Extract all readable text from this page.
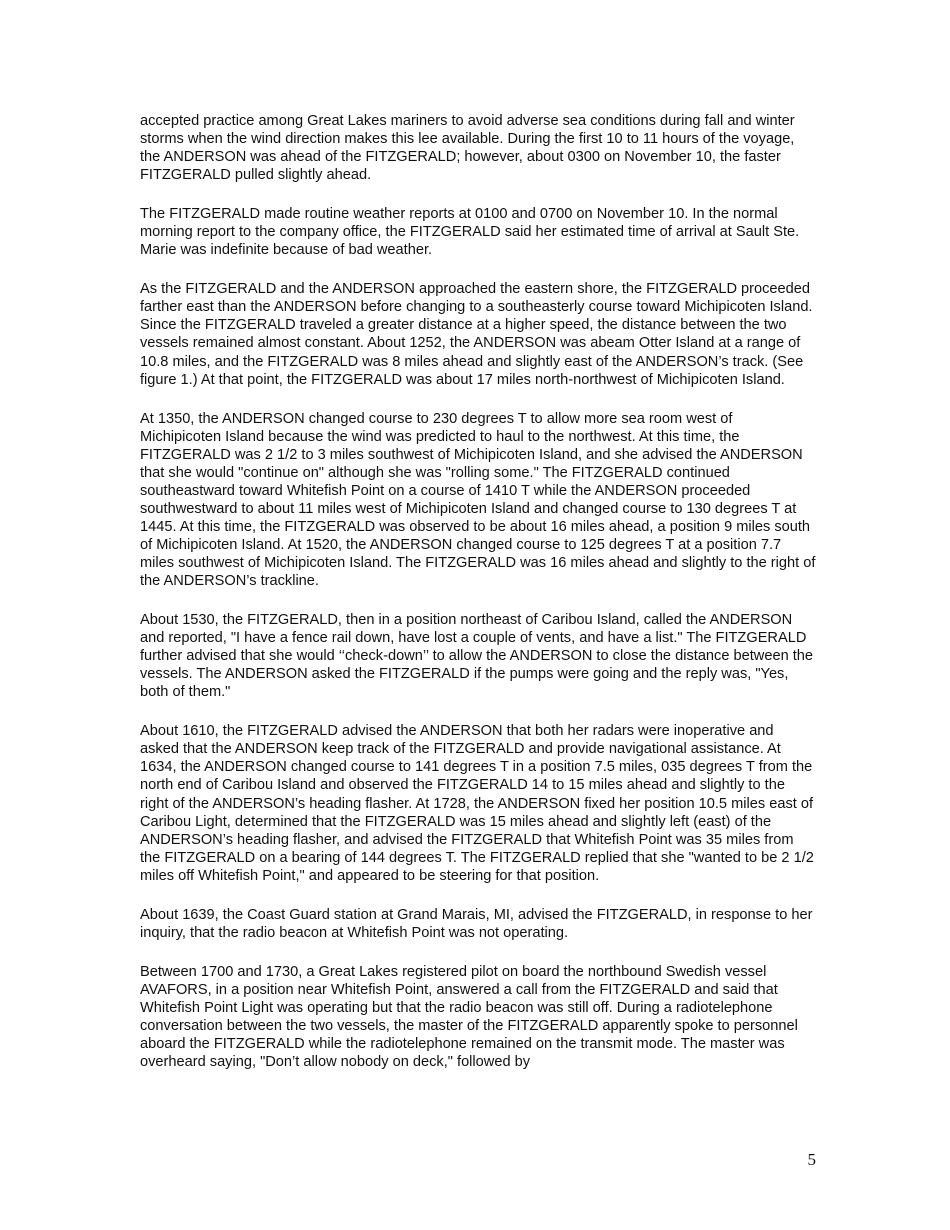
accepted practice among Great Lakes mariners to avoid adverse sea conditions during fall and winter storms when the wind direction makes this lee available. During the first 10 to 11 hours of the voyage, the ANDERSON was ahead of the FITZGERALD; however, about 0300 on November 10, the faster FITZGERALD pulled slightly ahead.

The FITZGERALD made routine weather reports at 0100 and 0700 on November 10. In the normal morning report to the company office, the FITZGERALD said her estimated time of arrival at Sault Ste. Marie was indefinite because of bad weather.

As the FITZGERALD and the ANDERSON approached the eastern shore, the FITZGERALD proceeded farther east than the ANDERSON before changing to a southeasterly course toward Michipicoten Island. Since the FITZGERALD traveled a greater distance at a higher speed, the distance between the two vessels remained almost constant. About 1252, the ANDERSON was abeam Otter Island at a range of 10.8 miles, and the FITZGERALD was 8 miles ahead and slightly east of the ANDERSON’s track. (See figure 1.) At that point, the FITZGERALD was about 17 miles north-northwest of Michipicoten Island.

At 1350, the ANDERSON changed course to 230 degrees T to allow more sea room west of Michipicoten Island because the wind was predicted to haul to the northwest. At this time, the FITZGERALD was 2 1/2 to 3 miles southwest of Michipicoten Island, and she advised the ANDERSON that she would "continue on" although she was "rolling some." The FITZGERALD continued southeastward toward Whitefish Point on a course of 1410 T while the ANDERSON proceeded southwestward to about 11 miles west of Michipicoten Island and changed course to 130 degrees T at 1445. At this time, the FITZGERALD was observed to be about 16 miles ahead, a position 9 miles south of Michipicoten Island. At 1520, the ANDERSON changed course to 125 degrees T at a position 7.7 miles southwest of Michipicoten Island. The FITZGERALD was 16 miles ahead and slightly to the right of the ANDERSON’s trackline.

About 1530, the FITZGERALD, then in a position northeast of Caribou Island, called the ANDERSON and reported, "I have a fence rail down, have lost a couple of vents, and have a list." The FITZGERALD further advised that she would ‘‘check-down’’ to allow the ANDERSON to close the distance between the vessels. The ANDERSON asked the FITZGERALD if the pumps were going and the reply was, "Yes, both of them."

About 1610, the FITZGERALD advised the ANDERSON that both her radars were inoperative and asked that the ANDERSON keep track of the FITZGERALD and provide navigational assistance. At 1634, the ANDERSON changed course to 141 degrees T in a position 7.5 miles, 035 degrees T from the north end of Caribou Island and observed the FITZGERALD 14 to 15 miles ahead and slightly to the right of the ANDERSON’s heading flasher. At 1728, the ANDERSON fixed her position 10.5 miles east of Caribou Light, determined that the FITZGERALD was 15 miles ahead and slightly left (east) of the ANDERSON’s heading flasher, and advised the FITZGERALD that Whitefish Point was 35 miles from the FITZGERALD on a bearing of 144 degrees T. The FITZGERALD replied that she "wanted to be 2 1/2 miles off Whitefish Point," and appeared to be steering for that position.

About 1639, the Coast Guard station at Grand Marais, MI, advised the FITZGERALD, in response to her inquiry, that the radio beacon at Whitefish Point was not operating.

Between 1700 and 1730, a Great Lakes registered pilot on board the northbound Swedish vessel AVAFORS, in a position near Whitefish Point, answered a call from the FITZGERALD and said that Whitefish Point Light was operating but that the radio beacon was still off. During a radiotelephone conversation between the two vessels, the master of the FITZGERALD apparently spoke to personnel aboard the FITZGERALD while the radiotelephone remained on the transmit mode. The master was overheard saying, "Don’t allow nobody on deck," followed by

5
